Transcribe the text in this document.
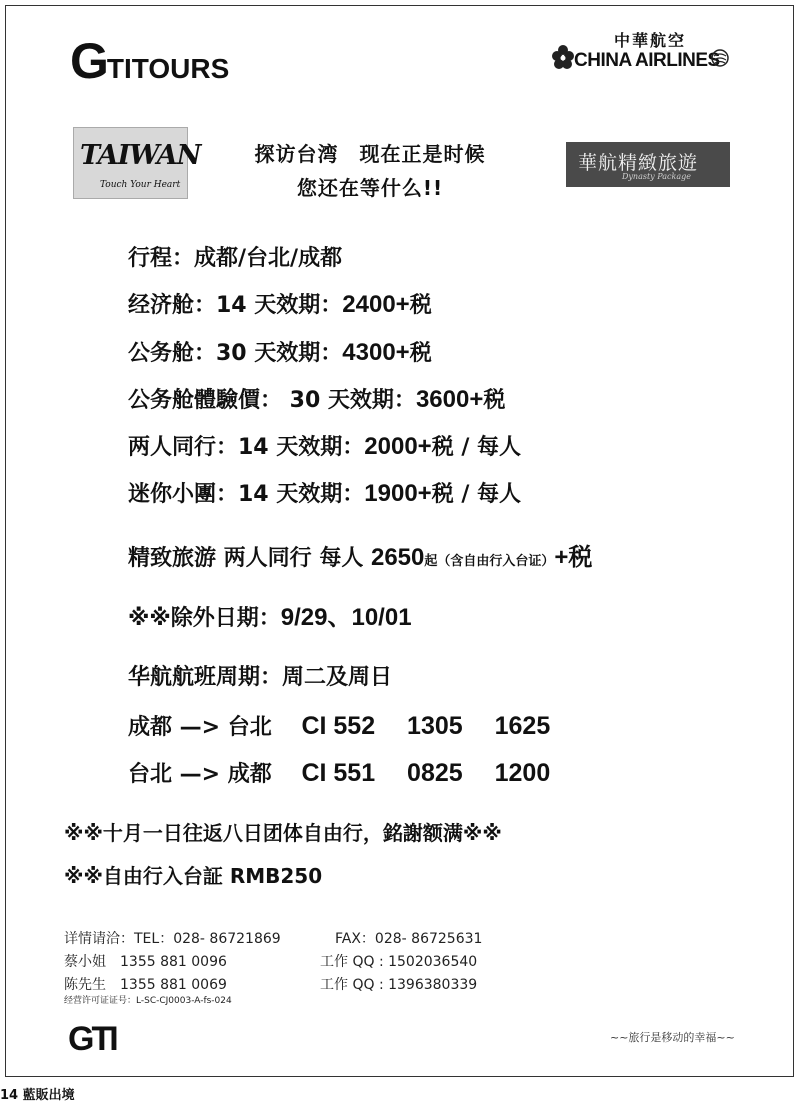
G TITOURS
中華航空
CHINA AIRLINES
TAIWAN
Touch Your Heart
華航精緻旅遊
Dynasty Package
探访台湾　现在正是时候
您还在等什么!!
行程：成都/台北/成都
经济舱：14 天效期：2400+税
公务舱：30 天效期：4300+税
公务舱體驗價： 30 天效期：3600+税
两人同行：14 天效期：2000+税 / 每人
迷你小團：14 天效期：1900+税 / 每人
精致旅游 两人同行 每人 2650起（含自由行入台证）+税
※※除外日期：9/29、10/01
华航航班周期：周二及周日
成都 —> 台北 CI 552　 1305 　1625
台北 —> 成都 CI 551　 0825 　1200
※※十月一日往返八日团体自由行，銘謝额满※※
※※自由行入台証 RMB250
详情请洽：TEL：028- 86721869	FAX：028- 86725631
蔡小姐　1355 881 0096	工作 QQ : 1502036540
陈先生　1355 881 0069	工作 QQ : 1396380339
经营许可证证号：L-SC-CJ0003-A-fs-024
GTI	~~旅行是移动的幸福~~
14 藍販出境
